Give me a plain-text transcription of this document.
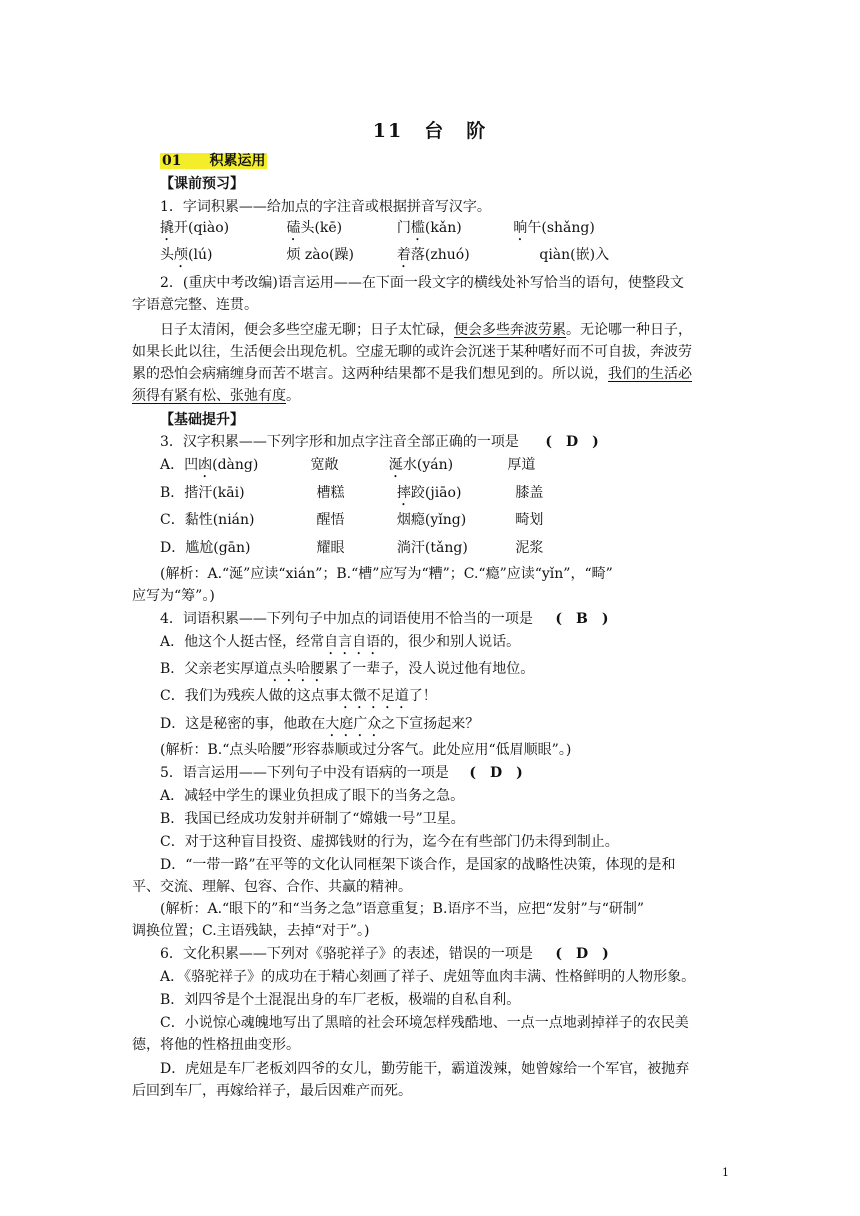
11　台　阶
01　　积累运用
【课前预习】
1．字词积累——给加点的字注音或根据拼音写汉字。
撬开(qiào)	磕头(kē)	门槛(kǎn)	晌午(shǎng)
头颅(lú)	烦 zào(躁)	着落(zhuó)	qiàn(嵌)入
2．(重庆中考改编)语言运用——在下面一段文字的横线处补写恰当的语句，使整段文
字语意完整、连贯。
日子太清闲，便会多些空虚无聊；日子太忙碌，便会多些奔波劳累。无论哪一种日子，
如果长此以往，生活便会出现危机。空虚无聊的或许会沉迷于某种嗜好而不可自拔，奔波劳
累的恐怕会病痛缠身而苦不堪言。这两种结果都不是我们想见到的。所以说，我们的生活必
须得有紧有松、张弛有度。
【基础提升】
3．汉字积累——下列字形和加点字注音全部正确的一项是 (　D　)
A．凹凼(dàng)	宽敞	涎水(yán)	厚道
B．揩汗(kāi)	槽糕	摔跤(jiāo)	膝盖
C．黏性(nián)	醒悟	烟瘾(yǐng)	畸划
D．尴尬(gān)	耀眼	淌汗(tǎng)	泥浆
(解析：A.“涎”应读“xián”；B.“槽”应写为“糟”；C.“瘾”应读“yǐn”，“畸”
应写为“筹”。)
4．词语积累——下列句子中加点的词语使用不恰当的一项是 (　B　)
A．他这个人挺古怪，经常自言自语的，很少和别人说话。
B．父亲老实厚道点头哈腰累了一辈子，没人说过他有地位。
C．我们为残疾人做的这点事太微不足道了！
D．这是秘密的事，他敢在大庭广众之下宣扬起来？
(解析：B.“点头哈腰”形容恭顺或过分客气。此处应用“低眉顺眼”。)
5．语言运用——下列句子中没有语病的一项是 (　D　)
A．减轻中学生的课业负担成了眼下的当务之急。
B．我国已经成功发射并研制了“嫦娥一号”卫星。
C．对于这种盲目投资、虚掷钱财的行为，迄今在有些部门仍未得到制止。
D．“一带一路”在平等的文化认同框架下谈合作，是国家的战略性决策，体现的是和
平、交流、理解、包容、合作、共赢的精神。
(解析：A.“眼下的”和“当务之急”语意重复；B.语序不当，应把“发射”与“研制”
调换位置；C.主语残缺，去掉“对于”。)
6．文化积累——下列对《骆驼祥子》的表述，错误的一项是 (　D　)
A．《骆驼祥子》的成功在于精心刻画了祥子、虎妞等血肉丰满、性格鲜明的人物形象。
B．刘四爷是个土混混出身的车厂老板，极端的自私自利。
C．小说惊心魂魄地写出了黑暗的社会环境怎样残酷地、一点一点地剥掉祥子的农民美
德，将他的性格扭曲变形。
D．虎妞是车厂老板刘四爷的女儿，勤劳能干，霸道泼辣，她曾嫁给一个军官，被抛弃
后回到车厂，再嫁给祥子，最后因难产而死。
1
